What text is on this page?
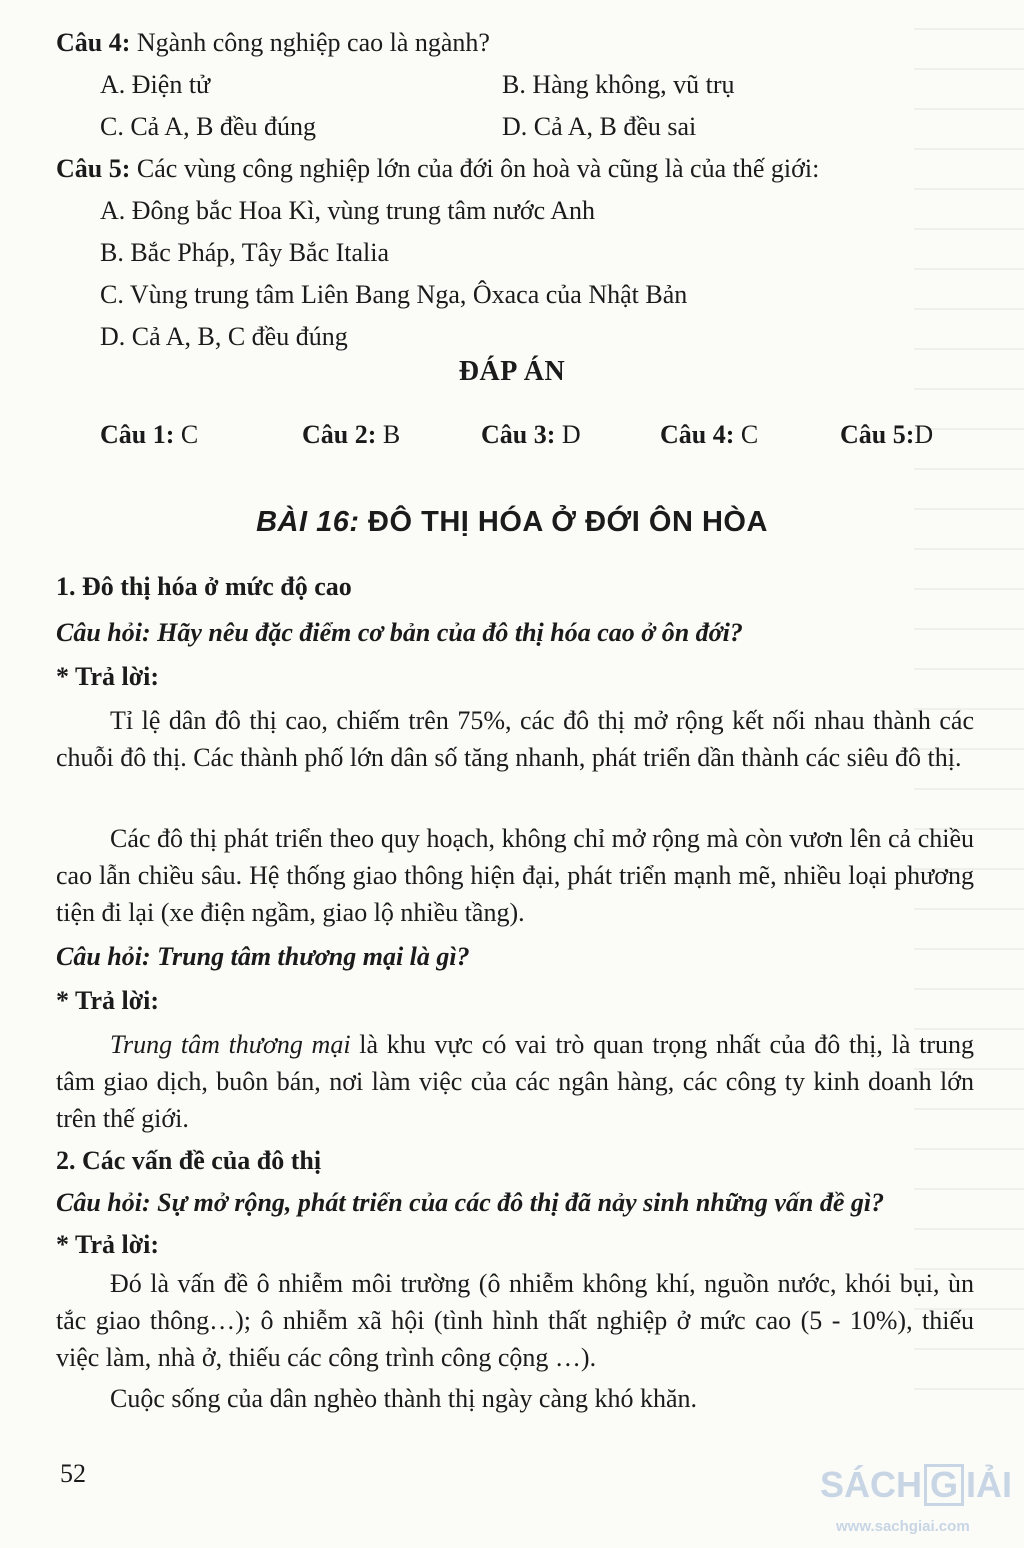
Câu 4: Ngành công nghiệp cao là ngành?
A. Điện tử	B. Hàng không, vũ trụ
C. Cả A, B đều đúng	D. Cả A, B đều sai
Câu 5: Các vùng công nghiệp lớn của đới ôn hoà và cũng là của thế giới:
A. Đông bắc Hoa Kì, vùng trung tâm nước Anh
B. Bắc Pháp, Tây Bắc Italia
C. Vùng trung tâm Liên Bang Nga, Ôxaca của Nhật Bản
D. Cả A, B, C đều đúng
ĐÁP ÁN
Câu 1: C	Câu 2: B	Câu 3: D	Câu 4: C	Câu 5:D
BÀI 16: ĐÔ THỊ HÓA Ở ĐỚI ÔN HÒA
1. Đô thị hóa ở mức độ cao
Câu hỏi: Hãy nêu đặc điểm cơ bản của đô thị hóa cao ở ôn đới?
* Trả lời:
Tỉ lệ dân đô thị cao, chiếm trên 75%, các đô thị mở rộng kết nối nhau thành các chuỗi đô thị. Các thành phố lớn dân số tăng nhanh, phát triển dần thành các siêu đô thị.
Các đô thị phát triển theo quy hoạch, không chỉ mở rộng mà còn vươn lên cả chiều cao lẫn chiều sâu. Hệ thống giao thông hiện đại, phát triển mạnh mẽ, nhiều loại phương tiện đi lại (xe điện ngầm, giao lộ nhiều tầng).
Câu hỏi: Trung tâm thương mại là gì?
* Trả lời:
Trung tâm thương mại là khu vực có vai trò quan trọng nhất của đô thị, là trung tâm giao dịch, buôn bán, nơi làm việc của các ngân hàng, các công ty kinh doanh lớn trên thế giới.
2. Các vấn đề của đô thị
Câu hỏi: Sự mở rộng, phát triển của các đô thị đã nảy sinh những vấn đề gì?
* Trả lời:
Đó là vấn đề ô nhiễm môi trường (ô nhiễm không khí, nguồn nước, khói bụi, ùn tắc giao thông…); ô nhiễm xã hội (tình hình thất nghiệp ở mức cao (5 - 10%), thiếu việc làm, nhà ở, thiếu các công trình công cộng …).
Cuộc sống của dân nghèo thành thị ngày càng khó khăn.
52	SÁCH G IẢI
www.sachgiai.com
